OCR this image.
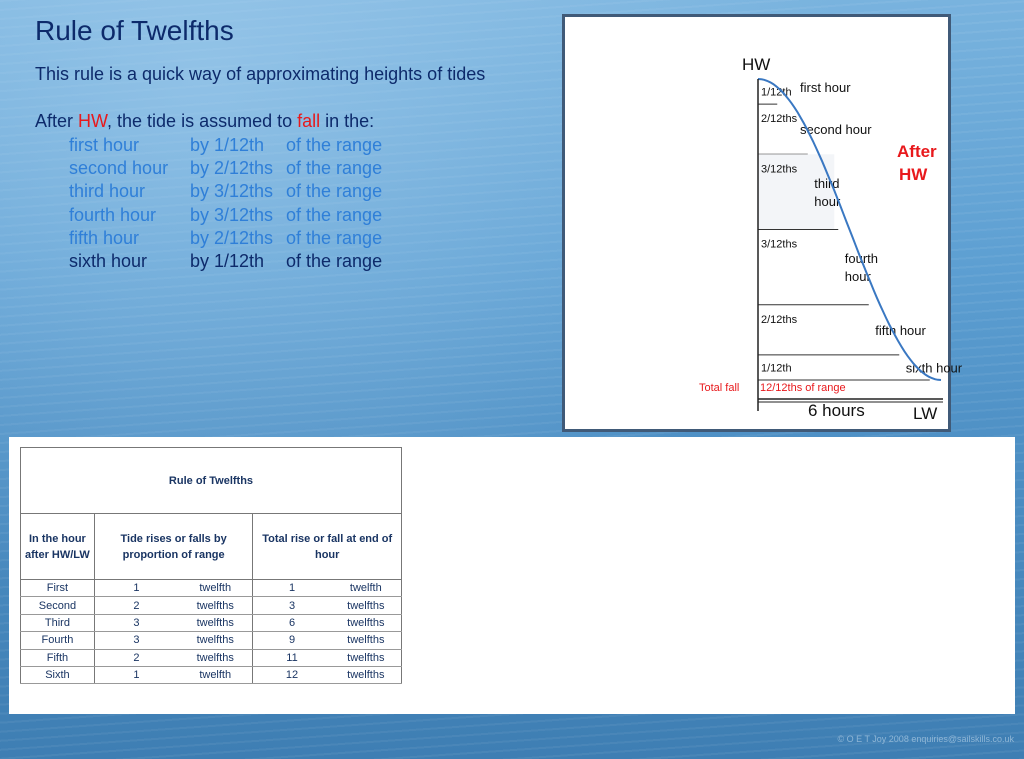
Rule of Twelfths

This rule is a quick way of approximating heights of tides

After HW, the tide is assumed to fall in the:

first hour	by 1/12th	of the range
second hour	by 2/12ths of the range
third hour	by 3/12ths of the range
fourth hour	by 3/12ths of the range
fifth hour	by 2/12ths of the range
sixth hour	by 1/12th	of the range
1/12th first hour
2/12ths
second hour
3/12ths
third
hour
3/12ths
fourth
hour
2/12ths
fifth hour
1/12th	sixth hour
HW
After
HW
Total fall 12/12ths of range
6 hours	LW
Rule of Twelfths				
In the hour after HW/LW	Tide rises or falls by proportion of range		Total rise or fall at end of hour	
First	1	twelfth	1	twelfth
Second	2	twelfths	3	twelfths
Third	3	twelfths	6	twelfths
Fourth	3	twelfths	9	twelfths
Fifth	2	twelfths	11	twelfths
Sixth	1	twelfth	12	twelfths
© O E T Joy 2008 enquiries@sailskills.co.uk
